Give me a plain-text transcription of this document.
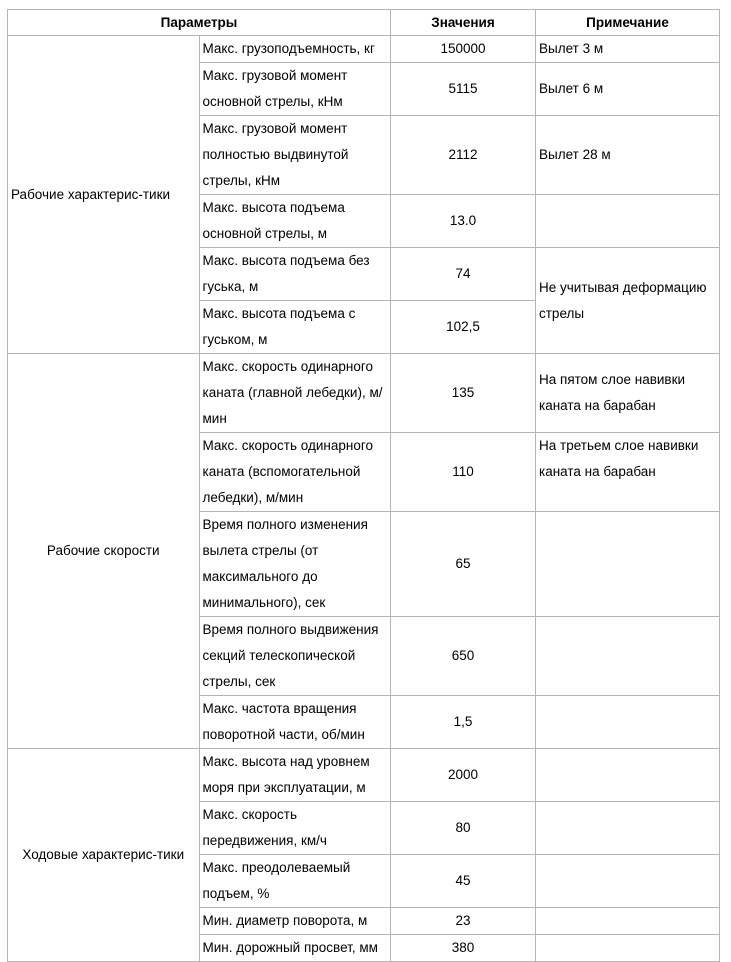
Параметры		Значения	Примечание
Рабочие характерис-тики	Макс. грузоподъемность, кг	150000	Вылет 3 м
	Макс. грузовой момент основной стрелы, кНм	5115	Вылет 6 м
	Макс. грузовой момент полностью выдвинутой стрелы, кНм	2112	Вылет 28 м
	Макс. высота подъема основной стрелы, м	13.0	
	Макс. высота подъема без гуська, м	74	Не учитывая деформацию стрелы
	Макс. высота подъема с гуськом, м	102,5	
Рабочие скорости	Макс. скорость одинарного каната (главной лебедки), м/мин	135	На пятом слое навивки каната на барабан
	Макс. скорость одинарного каната (вспомогательной лебедки), м/мин	110	На третьем слое навивки каната на барабан
	Время полного изменения вылета стрелы (от максимального до минимального), сек	65	
	Время полного выдвижения секций телескопической стрелы, сек	650	
	Макс. частота вращения поворотной части, об/мин	1,5	
Ходовые характерис-тики	Макс. высота над уровнем моря при эксплуатации, м	2000	
	Макс. скорость передвижения, км/ч	80	
	Макс. преодолеваемый подъем, %	45	
	Мин. диаметр поворота, м	23	
	Мин. дорожный просвет, мм	380	
